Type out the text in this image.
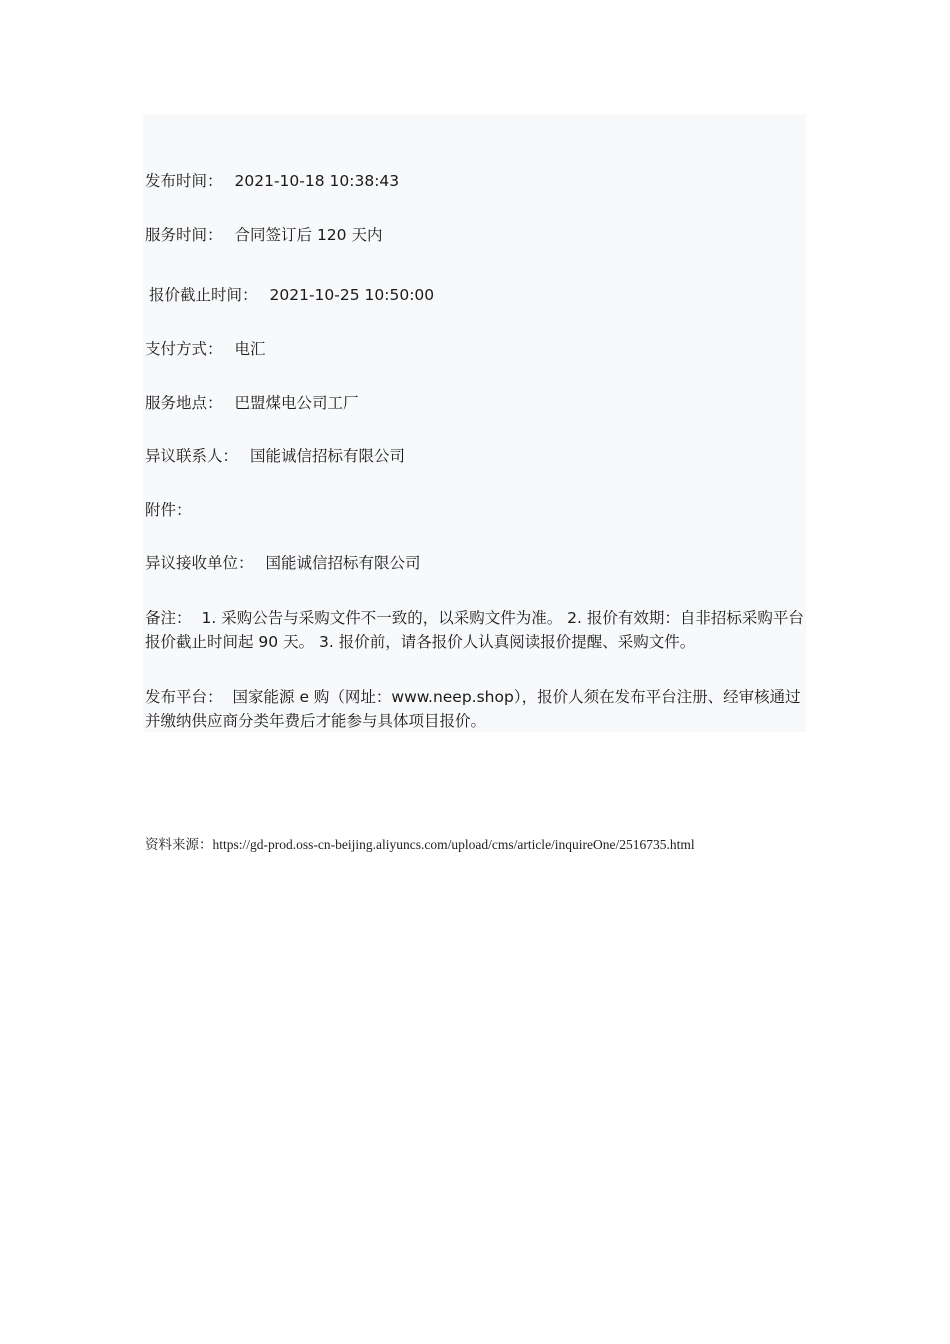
发布时间： 2021-10-18 10:38:43
服务时间： 合同签订后 120 天内
报价截止时间： 2021-10-25 10:50:00
支付方式： 电汇
服务地点： 巴盟煤电公司工厂
异议联系人： 国能诚信招标有限公司
附件：
异议接收单位： 国能诚信招标有限公司
备注： 1. 采购公告与采购文件不一致的，以采购文件为准。 2. 报价有效期：自非招标采购平台报价截止时间起 90 天。 3. 报价前，请各报价人认真阅读报价提醒、采购文件。
发布平台： 国家能源 e 购（网址：www.neep.shop），报价人须在发布平台注册、经审核通过并缴纳供应商分类年费后才能参与具体项目报价。
资料来源：https://gd-prod.oss-cn-beijing.aliyuncs.com/upload/cms/article/inquireOne/2516735.html
